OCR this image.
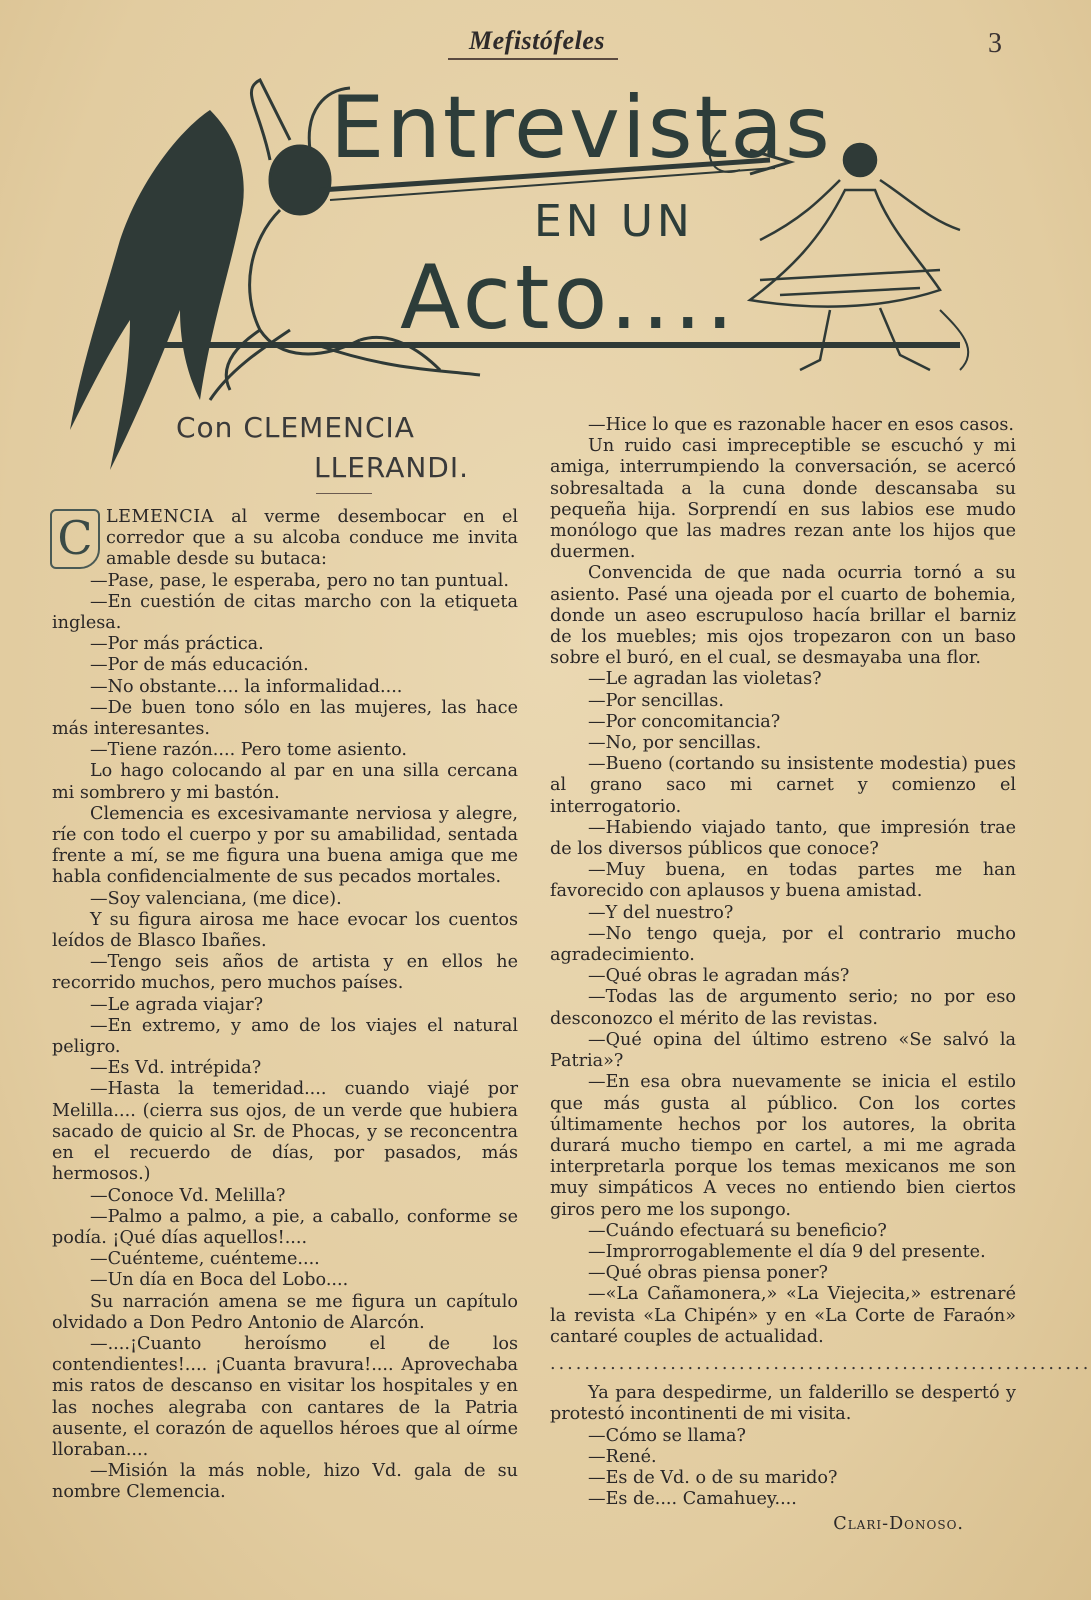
Mefistófeles	3
Entrevistas
EN UN
Acto....
Con CLEMENCIA
LLERANDI.

C LEMENCIA al verme desembocar en el corredor que a su alcoba conduce me invita amable desde su butaca:

—Pase, pase, le esperaba, pero no tan puntual.

—En cuestión de citas marcho con la etiqueta inglesa.

—Por más práctica.

—Por de más educación.

—No obstante.... la informalidad....

—De buen tono sólo en las mujeres, las hace más interesantes.

—Tiene razón.... Pero tome asiento.

Lo hago colocando al par en una silla cercana mi sombrero y mi bastón.

Clemencia es excesivamante nerviosa y alegre, ríe con todo el cuerpo y por su amabilidad, sentada frente a mí, se me figura una buena amiga que me habla confidencialmente de sus pecados mortales.

—Soy valenciana, (me dice).

Y su figura airosa me hace evocar los cuentos leídos de Blasco Ibañes.

—Tengo seis años de artista y en ellos he recorrido muchos, pero muchos países.

—Le agrada viajar?

—En extremo, y amo de los viajes el natural peligro.

—Es Vd. intrépida?

—Hasta la temeridad.... cuando viajé por Melilla.... (cierra sus ojos, de un verde que hubiera sacado de quicio al Sr. de Phocas, y se reconcentra en el recuerdo de días, por pasados, más hermosos.)

—Conoce Vd. Melilla?

—Palmo a palmo, a pie, a caballo, conforme se podía. ¡Qué días aquellos!....

—Cuénteme, cuénteme....

—Un día en Boca del Lobo....

Su narración amena se me figura un capítulo olvidado a Don Pedro Antonio de Alarcón.

—....¡Cuanto heroísmo el de los contendientes!.... ¡Cuanta bravura!.... Aprovechaba mis ratos de descanso en visitar los hospitales y en las noches alegraba con cantares de la Patria ausente, el corazón de aquellos héroes que al oírme lloraban....

—Misión la más noble, hizo Vd. gala de su nombre Clemencia.

—Hice lo que es razonable hacer en esos casos.

Un ruido casi impreceptible se escuchó y mi amiga, interrumpiendo la conversación, se acercó sobresaltada a la cuna donde descansaba su pequeña hija. Sorprendí en sus labios ese mudo monólogo que las madres rezan ante los hijos que duermen.

Convencida de que nada ocurria tornó a su asiento. Pasé una ojeada por el cuarto de bohemia, donde un aseo escrupuloso hacía brillar el barniz de los muebles; mis ojos tropezaron con un baso sobre el buró, en el cual, se desmayaba una flor.

—Le agradan las violetas?

—Por sencillas.

—Por concomitancia?

—No, por sencillas.

—Bueno (cortando su insistente modestia) pues al grano saco mi carnet y comienzo el interrogatorio.

—Habiendo viajado tanto, que impresión trae de los diversos públicos que conoce?

—Muy buena, en todas partes me han favorecido con aplausos y buena amistad.

—Y del nuestro?

—No tengo queja, por el contrario mucho agradecimiento.

—Qué obras le agradan más?

—Todas las de argumento serio; no por eso desconozco el mérito de las revistas.

—Qué opina del último estreno «Se salvó la Patria»?

—En esa obra nuevamente se inicia el estilo que más gusta al público. Con los cortes últimamente hechos por los autores, la obrita durará mucho tiempo en cartel, a mi me agrada interpretarla porque los temas mexicanos me son muy simpáticos A veces no entiendo bien ciertos giros pero me los supongo.

—Cuándo efectuará su beneficio?

—Improrrogablemente el día 9 del presente.

—Qué obras piensa poner?

—«La Cañamonera,» «La Viejecita,» estrenaré la revista «La Chipén» y en «La Corte de Faraón» cantaré couples de actualidad.

...............................................................

Ya para despedirme, un falderillo se despertó y protestó incontinenti de mi visita.

—Cómo se llama?

—René.

—Es de Vd. o de su marido?

—Es de.... Camahuey....

Clari-Donoso.
